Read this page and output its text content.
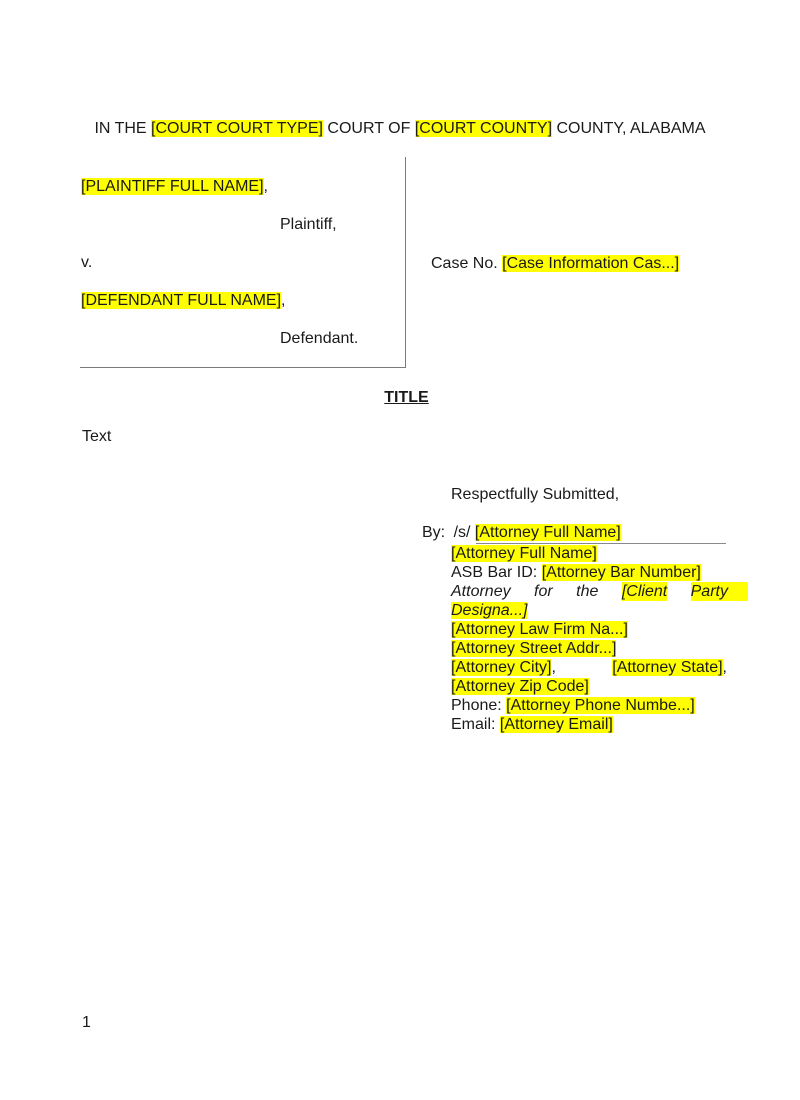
IN THE [COURT COURT TYPE] COURT OF [COURT COUNTY] COUNTY, ALABAMA
[PLAINTIFF FULL NAME],
Plaintiff,
v.
[DEFENDANT FULL NAME],
Defendant.
Case No. [Case Information Cas...]
TITLE
Text
Respectfully Submitted,
By: /s/ [Attorney Full Name]
[Attorney Full Name]
ASB Bar ID: [Attorney Bar Number]
Attorney for the [Client Party
Designa...]
[Attorney Law Firm Na...]
[Attorney Street Addr...]
[Attorney City],	[Attorney State],
[Attorney Zip Code]
Phone: [Attorney Phone Numbe...]
Email: [Attorney Email]
1
